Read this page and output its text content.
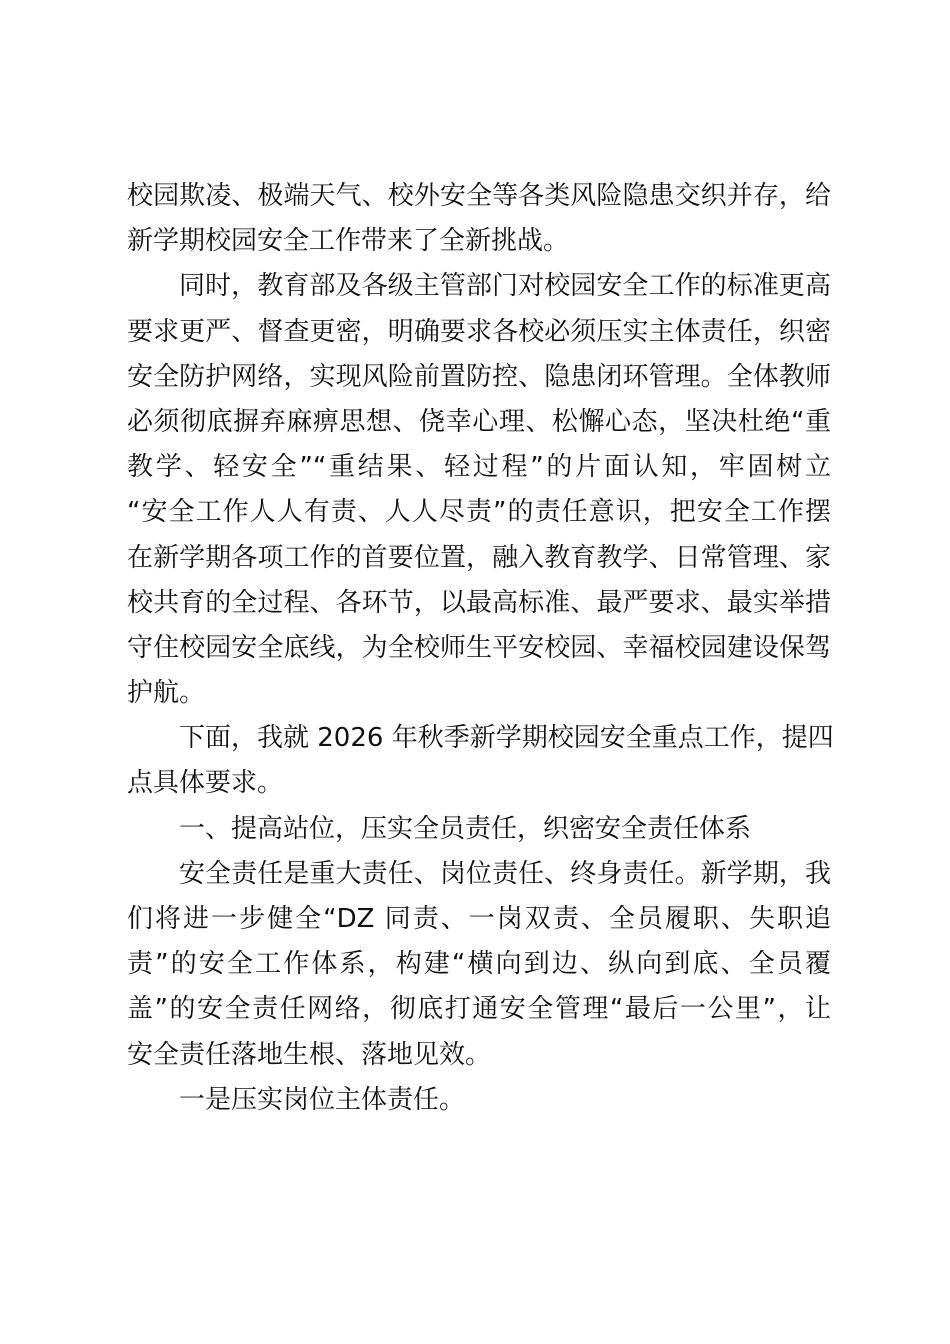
校园欺凌、极端天气、校外安全等各类风险隐患交织并存，给
新学期校园安全工作带来了全新挑战。
同时，教育部及各级主管部门对校园安全工作的标准更高
要求更严、督查更密，明确要求各校必须压实主体责任，织密
安全防护网络，实现风险前置防控、隐患闭环管理。全体教师
必须彻底摒弃麻痹思想、侥幸心理、松懈心态，坚决杜绝“重
教学、轻安全”“重结果、轻过程”的片面认知，牢固树立
“安全工作人人有责、人人尽责”的责任意识，把安全工作摆
在新学期各项工作的首要位置，融入教育教学、日常管理、家
校共育的全过程、各环节，以最高标准、最严要求、最实举措
守住校园安全底线，为全校师生平安校园、幸福校园建设保驾
护航。
下面，我就 2026 年秋季新学期校园安全重点工作，提四
点具体要求。
一、提高站位，压实全员责任，织密安全责任体系
安全责任是重大责任、岗位责任、终身责任。新学期，我
们将进一步健全“DZ 同责、一岗双责、全员履职、失职追
责”的安全工作体系，构建“横向到边、纵向到底、全员覆
盖”的安全责任网络，彻底打通安全管理“最后一公里”，让
安全责任落地生根、落地见效。
一是压实岗位主体责任。
